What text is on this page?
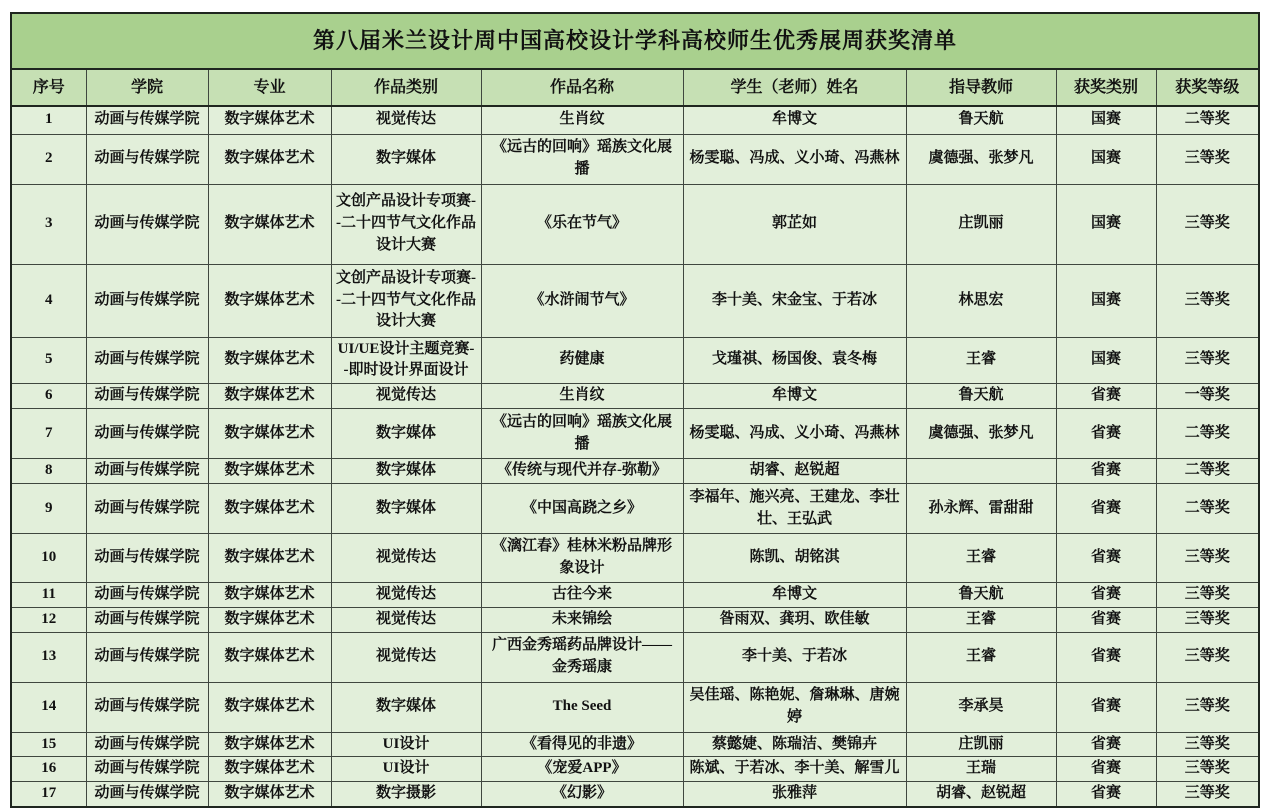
第八届米兰设计周中国高校设计学科高校师生优秀展周获奖清单								
序号	学院	专业	作品类别	作品名称	学生（老师）姓名	指导教师	获奖类别	获奖等级
1	动画与传媒学院	数字媒体艺术	视觉传达	生肖纹	牟博文	鲁天航	国赛	二等奖
2	动画与传媒学院	数字媒体艺术	数字媒体	《远古的回响》瑶族文化展播	杨雯聪、冯成、义小琦、冯燕林	虞德强、张梦凡	国赛	三等奖
3	动画与传媒学院	数字媒体艺术	文创产品设计专项赛--二十四节气文化作品设计大赛	《乐在节气》	郭芷如	庄凯丽	国赛	三等奖
4	动画与传媒学院	数字媒体艺术	文创产品设计专项赛--二十四节气文化作品设计大赛	《水浒闹节气》	李十美、宋金宝、于若冰	林思宏	国赛	三等奖
5	动画与传媒学院	数字媒体艺术	UI/UE设计主题竞赛--即时设计界面设计	药健康	戈瑾祺、杨国俊、袁冬梅	王睿	国赛	三等奖
6	动画与传媒学院	数字媒体艺术	视觉传达	生肖纹	牟博文	鲁天航	省赛	一等奖
7	动画与传媒学院	数字媒体艺术	数字媒体	《远古的回响》瑶族文化展播	杨雯聪、冯成、义小琦、冯燕林	虞德强、张梦凡	省赛	二等奖
8	动画与传媒学院	数字媒体艺术	数字媒体	《传统与现代并存-弥勒》	胡睿、赵锐超		省赛	二等奖
9	动画与传媒学院	数字媒体艺术	数字媒体	《中国高跷之乡》	李福年、施兴亮、王建龙、李壮壮、王弘武	孙永辉、雷甜甜	省赛	二等奖
10	动画与传媒学院	数字媒体艺术	视觉传达	《漓江春》桂林米粉品牌形象设计	陈凯、胡铭淇	王睿	省赛	三等奖
11	动画与传媒学院	数字媒体艺术	视觉传达	古往今来	牟博文	鲁天航	省赛	三等奖
12	动画与传媒学院	数字媒体艺术	视觉传达	未来锦绘	昝雨双、龚玥、欧佳敏	王睿	省赛	三等奖
13	动画与传媒学院	数字媒体艺术	视觉传达	广西金秀瑶药品牌设计——金秀瑶康	李十美、于若冰	王睿	省赛	三等奖
14	动画与传媒学院	数字媒体艺术	数字媒体	The Seed	吴佳瑶、陈艳妮、詹琳琳、唐婉婷	李承昊	省赛	三等奖
15	动画与传媒学院	数字媒体艺术	UI设计	《看得见的非遗》	蔡懿婕、陈瑞洁、樊锦卉	庄凯丽	省赛	三等奖
16	动画与传媒学院	数字媒体艺术	UI设计	《宠爱APP》	陈斌、于若冰、李十美、解雪儿	王瑞	省赛	三等奖
17	动画与传媒学院	数字媒体艺术	数字摄影	《幻影》	张雅萍	胡睿、赵锐超	省赛	三等奖
